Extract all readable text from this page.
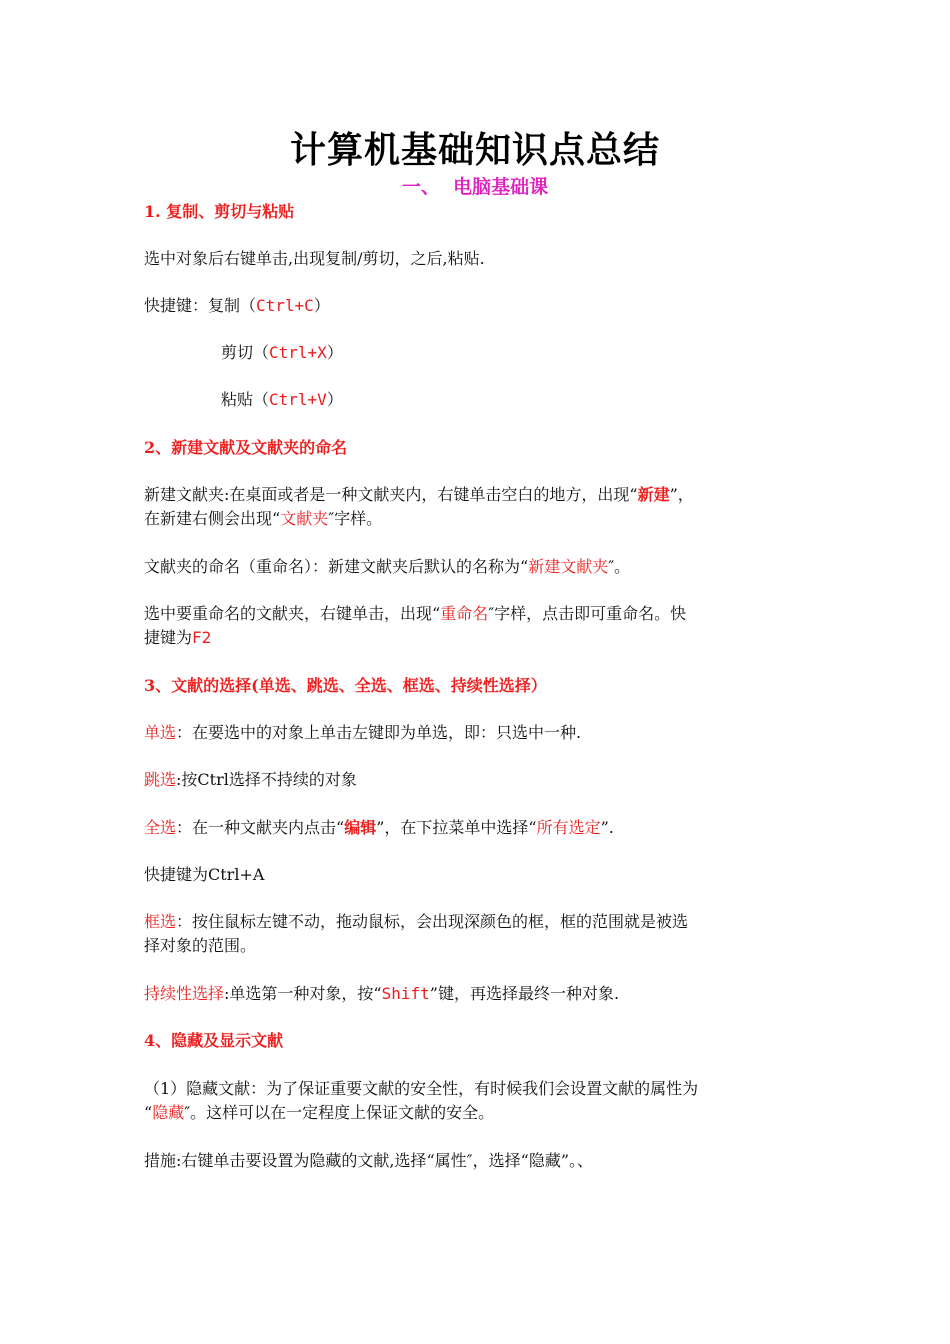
计算机基础知识点总结
一、  电脑基础课
1. 复制、剪切与粘贴
选中对象后右键单击,出现复制/剪切，之后,粘贴.
快捷键：复制（Ctrl+C）
剪切（Ctrl+X）
粘贴（Ctrl+V）
2、新建文献及文献夹的命名
新建文献夹:在桌面或者是一种文献夹内，右键单击空白的地方，出现“新建”，
在新建右侧会出现“文献夹″字样。
文献夹的命名（重命名）：新建文献夹后默认的名称为“新建文献夹″。
选中要重命名的文献夹，右键单击，出现“重命名″字样，点击即可重命名。快
捷键为F2
3、文献的选择(单选、跳选、全选、框选、持续性选择）
单选：在要选中的对象上单击左键即为单选，即：只选中一种.
跳选:按Ctrl选择不持续的对象
全选：在一种文献夹内点击“编辑”，在下拉菜单中选择“所有选定”.
快捷键为Ctrl+A
框选：按住鼠标左键不动，拖动鼠标，会出现深颜色的框，框的范围就是被选
择对象的范围。
持续性选择:单选第一种对象，按“Shift”键，再选择最终一种对象.
4、隐藏及显示文献
（1）隐藏文献：为了保证重要文献的安全性，有时候我们会设置文献的属性为
“隐藏″。这样可以在一定程度上保证文献的安全。
措施:右键单击要设置为隐藏的文献,选择“属性″，选择“隐藏”。、
